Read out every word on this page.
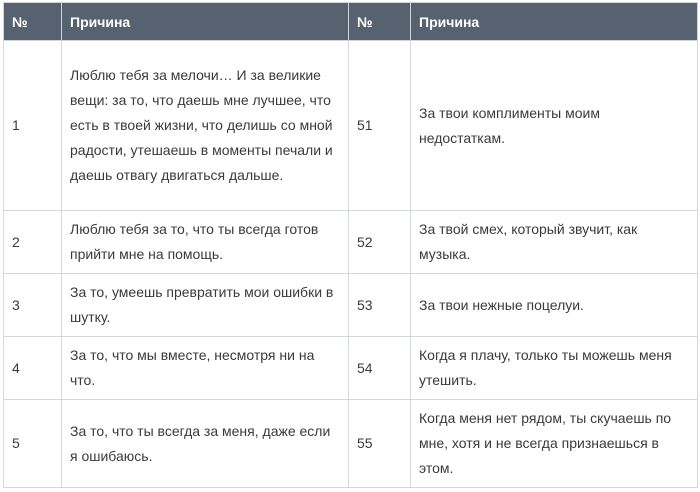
№	Причина	№	Причина
1	Люблю тебя за мелочи… И за великие вещи: за то, что даешь мне лучшее, что есть в твоей жизни, что делишь со мной радости, утешаешь в моменты печали и даешь отвагу двигаться дальше.	51	За твои комплименты моим недостаткам.
2	Люблю тебя за то, что ты всегда готов прийти мне на помощь.	52	За твой смех, который звучит, как музыка.
3	За то, умеешь превратить мои ошибки в шутку.	53	За твои нежные поцелуи.
4	За то, что мы вместе, несмотря ни на что.	54	Когда я плачу, только ты можешь меня утешить.
5	За то, что ты всегда за меня, даже если я ошибаюсь.	55	Когда меня нет рядом, ты скучаешь по мне, хотя и не всегда признаешься в этом.
